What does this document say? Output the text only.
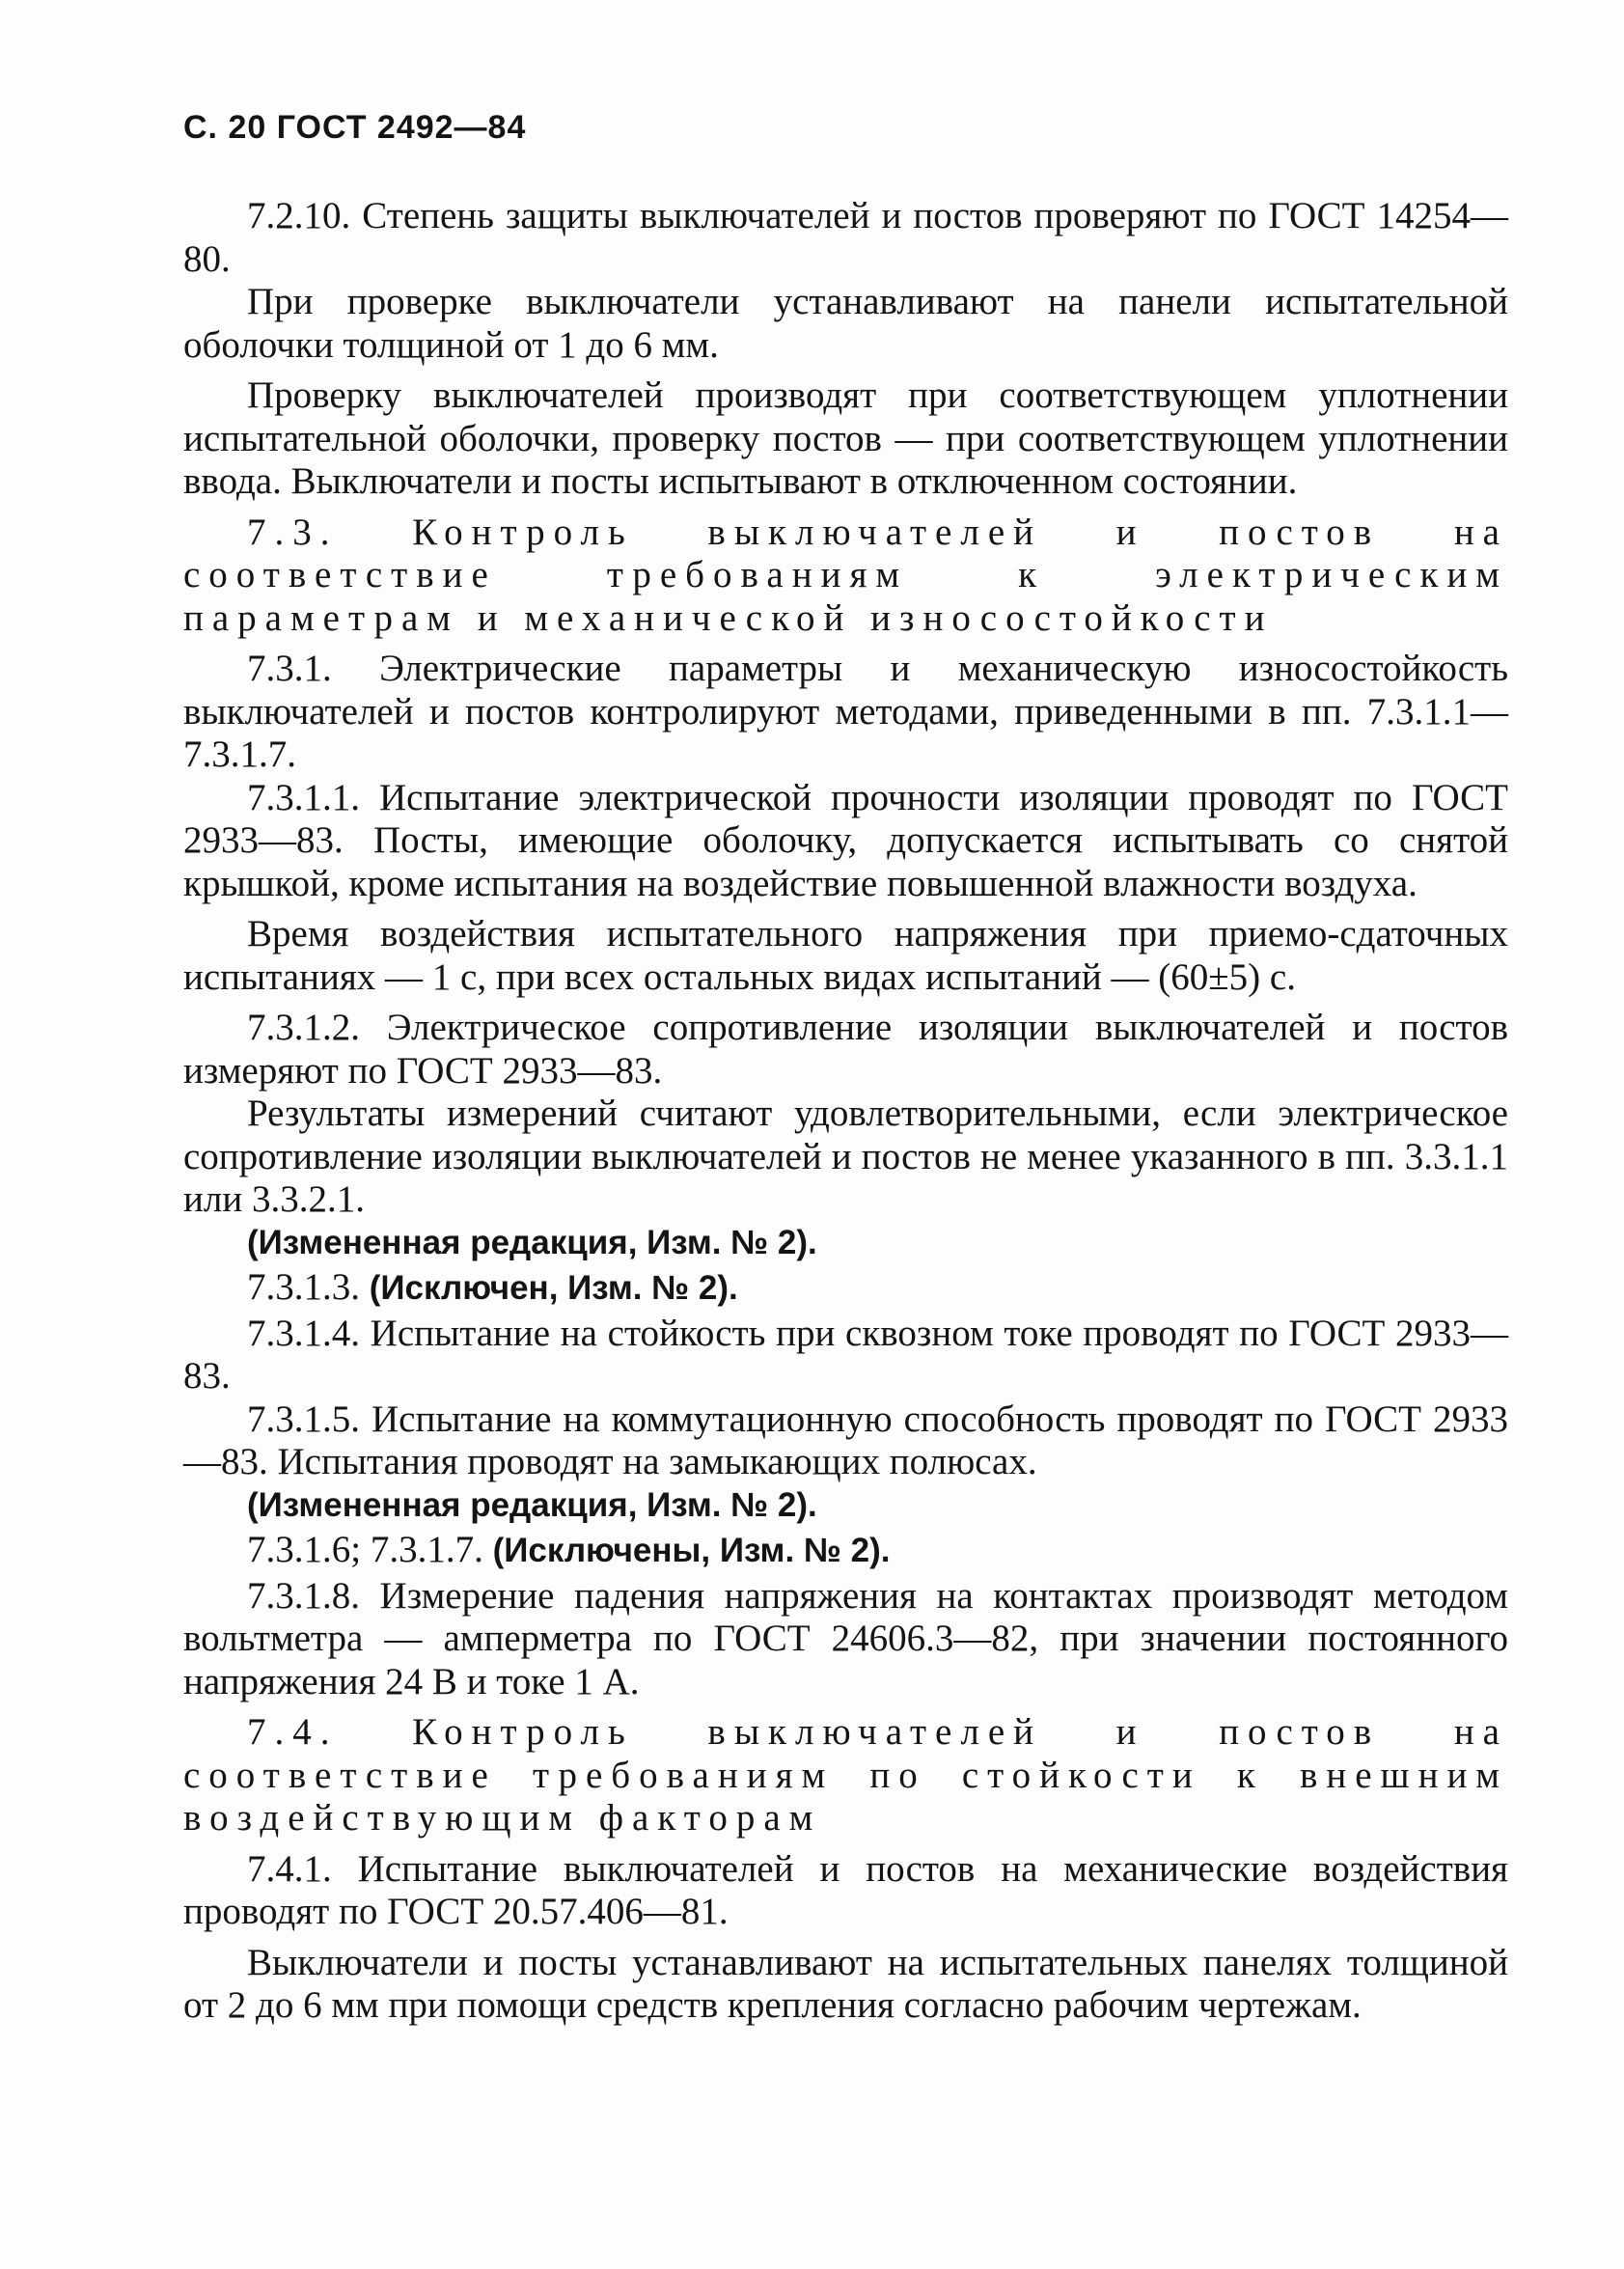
С. 20 ГОСТ 2492—84

7.2.10. Степень защиты выключателей и постов проверяют по ГОСТ 14254—80.

При проверке выключатели устанавливают на панели испытательной оболочки толщиной от 1 до 6 мм.

Проверку выключателей производят при соответствующем уплотнении испытательной оболочки, проверку постов — при соответствующем уплотнении ввода. Выключатели и посты испытывают в отключенном состоянии.

7.3. Контроль выключателей и постов на соответствие требованиям к электрическим параметрам и механической износостойкости

7.3.1. Электрические параметры и механическую износостойкость выключателей и постов контролируют методами, приведенными в пп. 7.3.1.1—7.3.1.7.

7.3.1.1. Испытание электрической прочности изоляции проводят по ГОСТ 2933—83. Посты, имеющие оболочку, допускается испытывать со снятой крышкой, кроме испытания на воздействие повышенной влажности воздуха.

Время воздействия испытательного напряжения при приемо-сдаточных испытаниях — 1 с, при всех остальных видах испытаний — (60±5) с.

7.3.1.2. Электрическое сопротивление изоляции выключателей и постов измеряют по ГОСТ 2933—83.

Результаты измерений считают удовлетворительными, если электрическое сопротивление изоляции выключателей и постов не менее указанного в пп. 3.3.1.1 или 3.3.2.1.

(Измененная редакция, Изм. № 2).

7.3.1.3. (Исключен, Изм. № 2).

7.3.1.4. Испытание на стойкость при сквозном токе проводят по ГОСТ 2933—83.

7.3.1.5. Испытание на коммутационную способность проводят по ГОСТ 2933—83. Испытания проводят на замыкающих полюсах.

(Измененная редакция, Изм. № 2).

7.3.1.6; 7.3.1.7. (Исключены, Изм. № 2).

7.3.1.8. Измерение падения напряжения на контактах производят методом вольтметра — амперметра по ГОСТ 24606.3—82, при значении постоянного напряжения 24 В и токе 1 А.

7.4. Контроль выключателей и постов на соответствие требованиям по стойкости к внешним воздействующим факторам

7.4.1. Испытание выключателей и постов на механические воздействия проводят по ГОСТ 20.57.406—81.

Выключатели и посты устанавливают на испытательных панелях толщиной от 2 до 6 мм при помощи средств крепления согласно рабочим чертежам.
